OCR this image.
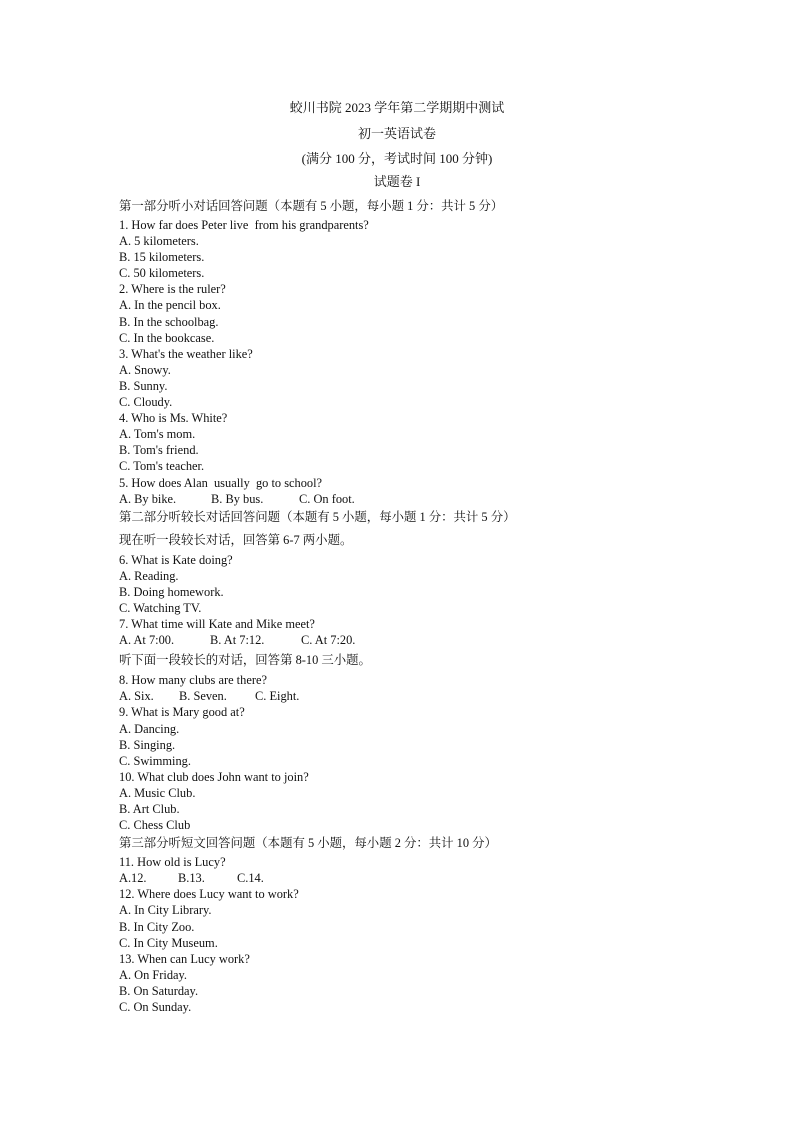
蛟川书院 2023 学年第二学期期中测试
初一英语试卷
(满分 100 分，考试时间 100 分钟)
试题卷 I
第一部分听小对话回答问题（本题有 5 小题，每小题 1 分：共计 5 分）
1. How far does Peter live  from his grandparents?
A. 5 kilometers.
B. 15 kilometers.
C. 50 kilometers.
2. Where is the ruler?
A. In the pencil box.
B. In the schoolbag.
C. In the bookcase.
3. What's the weather like?
A. Snowy.
B. Sunny.
C. Cloudy.
4. Who is Ms. White?
A. Tom's mom.
B. Tom's friend.
C. Tom's teacher.
5. How does Alan  usually  go to school?
A. By bike.	B. By bus.	C. On foot.
第二部分听较长对话回答问题（本题有 5 小题，每小题 1 分：共计 5 分）
现在听一段较长对话，回答第 6-7 两小题。
6. What is Kate doing?
A. Reading.
B. Doing homework.
C. Watching TV.
7. What time will Kate and Mike meet?
A. At 7:00.	B. At 7:12.	C. At 7:20.
听下面一段较长的对话，回答第 8-10 三小题。
8. How many clubs are there?
A. Six. B. Seven. C. Eight.
9. What is Mary good at?
A. Dancing.
B. Singing.
C. Swimming.
10. What club does John want to join?
A. Music Club.
B. Art Club.
C. Chess Club
第三部分听短文回答问题（本题有 5 小题，每小题 2 分：共计 10 分）
11. How old is Lucy?
A.12.	B.13.	C.14.
12. Where does Lucy want to work?
A. In City Library.
B. In City Zoo.
C. In City Museum.
13. When can Lucy work?
A. On Friday.
B. On Saturday.
C. On Sunday.
